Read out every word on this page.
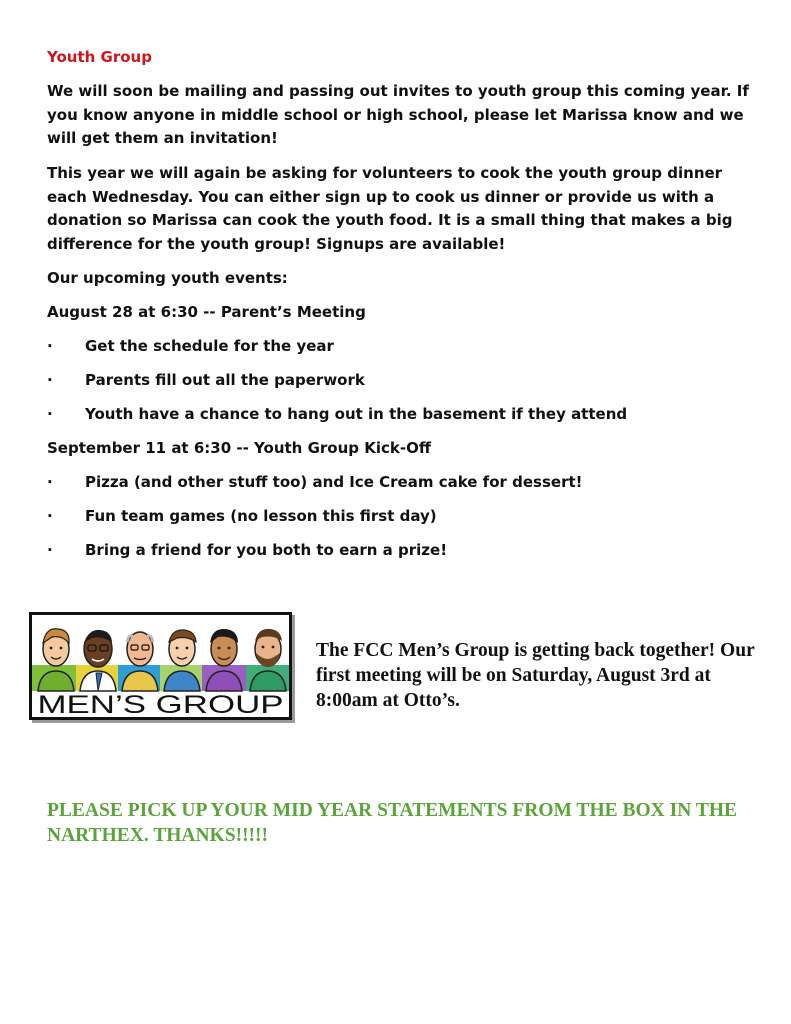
Youth Group
We will soon be mailing and passing out invites to youth group this coming year. If you know anyone in middle school or high school, please let Marissa know and we will get them an invitation!
This year we will again be asking for volunteers to cook the youth group dinner each Wednesday. You can either sign up to cook us dinner or provide us with a donation so Marissa can cook the youth food. It is a small thing that makes a big difference for the youth group! Signups are available!
Our upcoming youth events:
August 28 at 6:30 -- Parent’s Meeting
·	Get the schedule for the year
·	Parents fill out all the paperwork
·	Youth have a chance to hang out in the basement if they attend
September 11 at 6:30 -- Youth Group Kick-Off
·	Pizza (and other stuff too) and Ice Cream cake for dessert!
·	Fun team games (no lesson this first day)
·	Bring a friend for you both to earn a prize!
MEN’S GROUP
The FCC Men’s Group is getting back together! Our first meeting will be on Saturday, August 3rd at 8:00am at Otto’s.
PLEASE PICK UP YOUR MID YEAR STATEMENTS FROM THE BOX IN THE NARTHEX. THANKS!!!!!
